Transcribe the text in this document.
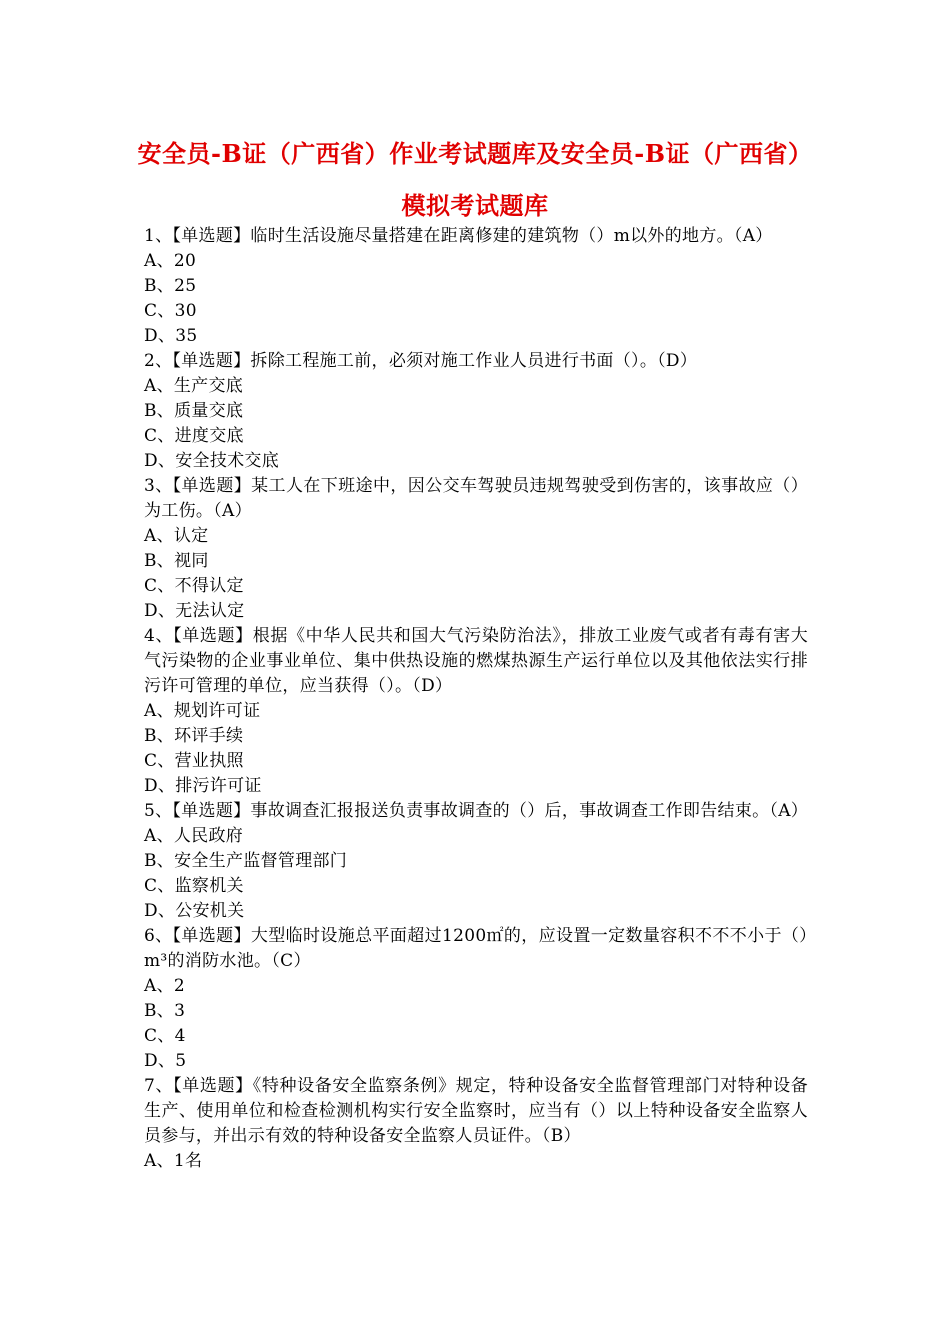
安全员-B证（广西省）作业考试题库及安全员-B证（广西省）模拟考试题库

1、【单选题】临时生活设施尽量搭建在距离修建的建筑物（）m以外的地方。（A）

A、20

B、25

C、30

D、35

2、【单选题】拆除工程施工前，必须对施工作业人员进行书面（）。（D）

A、生产交底

B、质量交底

C、进度交底

D、安全技术交底

3、【单选题】某工人在下班途中，因公交车驾驶员违规驾驶受到伤害的，该事故应（）为工伤。（A）

A、认定

B、视同

C、不得认定

D、无法认定

4、【单选题】根据《中华人民共和国大气污染防治法》，排放工业废气或者有毒有害大气污染物的企业事业单位、集中供热设施的燃煤热源生产运行单位以及其他依法实行排污许可管理的单位，应当获得（）。（D）

A、规划许可证

B、环评手续

C、营业执照

D、排污许可证

5、【单选题】事故调查汇报报送负责事故调查的（）后，事故调查工作即告结束。（A）

A、人民政府

B、安全生产监督管理部门

C、监察机关

D、公安机关

6、【单选题】大型临时设施总平面超过1200㎡的，应设置一定数量容积不不不小于（）m³的消防水池。（C）

A、2

B、3

C、4

D、5

7、【单选题】《特种设备安全监察条例》规定，特种设备安全监督管理部门对特种设备生产、使用单位和检查检测机构实行安全监察时，应当有（）以上特种设备安全监察人员参与，并出示有效的特种设备安全监察人员证件。（B）

A、1名
